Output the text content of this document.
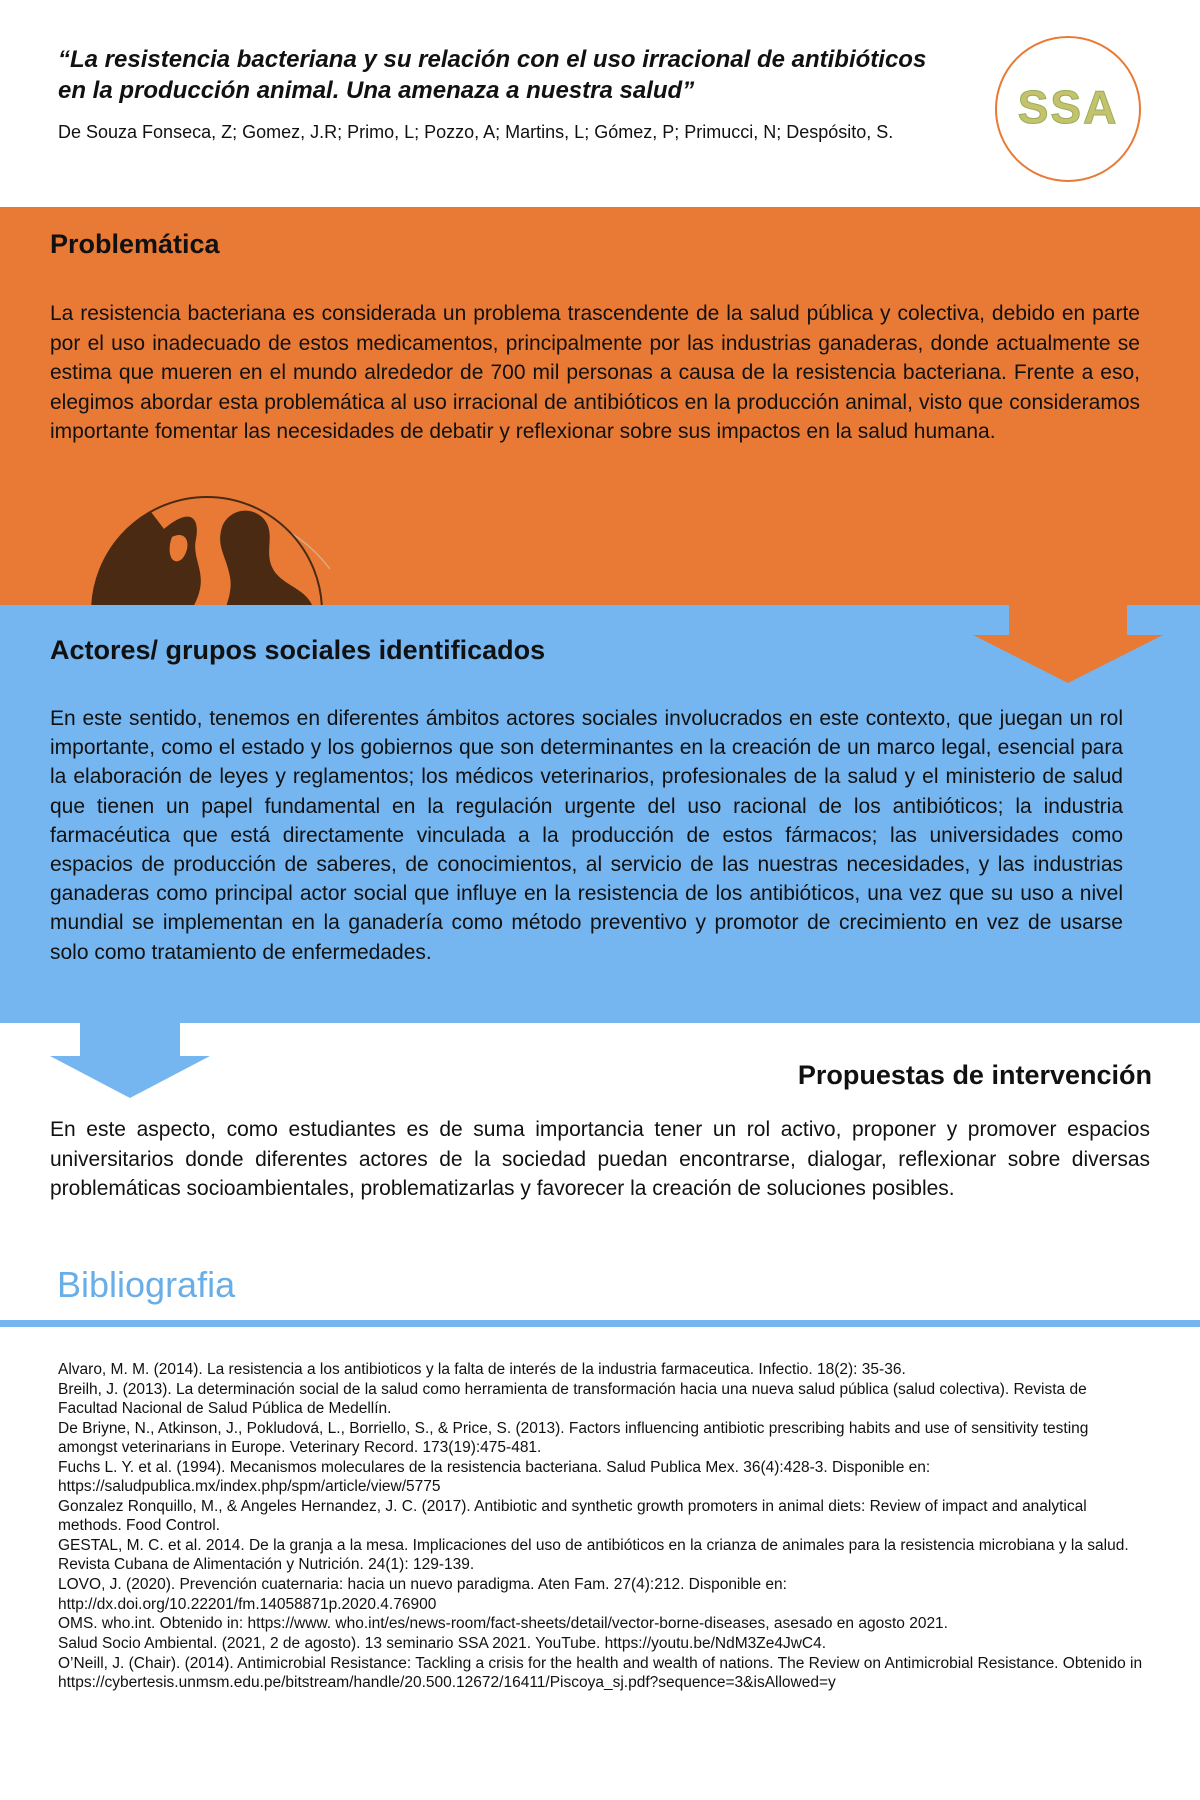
“La resistencia bacteriana y su relación con el uso irracional de antibióticos en la producción animal. Una amenaza a nuestra salud”

De Souza Fonseca, Z; Gomez, J.R; Primo, L; Pozzo, A; Martins, L; Gómez, P; Primucci, N; Despósito, S.	SSA
Problemática

La resistencia bacteriana es considerada un problema trascendente de la salud pública y colectiva, debido en parte por el uso inadecuado de estos medicamentos, principalmente por las industrias ganaderas, donde actualmente se estima que mueren en el mundo alrededor de 700 mil personas a causa de la resistencia bacteriana. Frente a eso, elegimos abordar esta problemática al uso irracional de antibióticos en la producción animal, visto que consideramos importante fomentar las necesidades de debatir y reflexionar sobre sus impactos en la salud humana.

Actores/ grupos sociales identificados

En este sentido, tenemos en diferentes ámbitos actores sociales involucrados en este contexto, que juegan un rol importante, como el estado y los gobiernos que son determinantes en la creación de un marco legal, esencial para la elaboración de leyes y reglamentos; los médicos veterinarios, profesionales de la salud y el ministerio de salud que tienen un papel fundamental en la regulación urgente del uso racional de los antibióticos; la industria farmacéutica que está directamente vinculada a la producción de estos fármacos; las universidades como espacios de producción de saberes, de conocimientos, al servicio de las nuestras necesidades, y las industrias ganaderas como principal actor social que influye en la resistencia de los antibióticos, una vez que su uso a nivel mundial se implementan en la ganadería como método preventivo y promotor de crecimiento en vez de usarse solo como tratamiento de enfermedades.

Propuestas de intervención

En este aspecto, como estudiantes es de suma importancia tener un rol activo, proponer y promover espacios universitarios donde diferentes actores de la sociedad puedan encontrarse, dialogar, reflexionar sobre diversas problemáticas socioambientales, problematizarlas y favorecer la creación de soluciones posibles.

Bibliografia
Alvaro, M. M. (2014). La resistencia a los antibioticos y la falta de interés de la industria farmaceutica. Infectio. 18(2): 35-36.
Breilh, J. (2013). La determinación social de la salud como herramienta de transformación hacia una nueva salud pública (salud colectiva). Revista de Facultad Nacional de Salud Pública de Medellín.
De Briyne, N., Atkinson, J., Pokludová, L., Borriello, S., & Price, S. (2013). Factors influencing antibiotic prescribing habits and use of sensitivity testing amongst veterinarians in Europe. Veterinary Record. 173(19):475-481.
Fuchs L. Y. et al. (1994). Mecanismos moleculares de la resistencia bacteriana. Salud Publica Mex. 36(4):428-3. Disponible en: https://saludpublica.mx/index.php/spm/article/view/5775
Gonzalez Ronquillo, M., & Angeles Hernandez, J. C. (2017). Antibiotic and synthetic growth promoters in animal diets: Review of impact and analytical methods. Food Control.
GESTAL, M. C. et al. 2014. De la granja a la mesa. Implicaciones del uso de antibióticos en la crianza de animales para la resistencia microbiana y la salud. Revista Cubana de Alimentación y Nutrición. 24(1): 129-139.
LOVO, J. (2020). Prevención cuaternaria: hacia un nuevo paradigma. Aten Fam. 27(4):212. Disponible en: http://dx.doi.org/10.22201/fm.14058871p.2020.4.76900
OMS. who.int. Obtenido in: https://www. who.int/es/news-room/fact-sheets/detail/vector-borne-diseases, asesado en agosto 2021.
Salud Socio Ambiental. (2021, 2 de agosto). 13 seminario SSA 2021. YouTube. https://youtu.be/NdM3Ze4JwC4.
O’Neill, J. (Chair). (2014). Antimicrobial Resistance: Tackling a crisis for the health and wealth of nations. The Review on Antimicrobial Resistance. Obtenido in https://cybertesis.unmsm.edu.pe/bitstream/handle/20.500.12672/16411/Piscoya_sj.pdf?sequence=3&isAllowed=y
